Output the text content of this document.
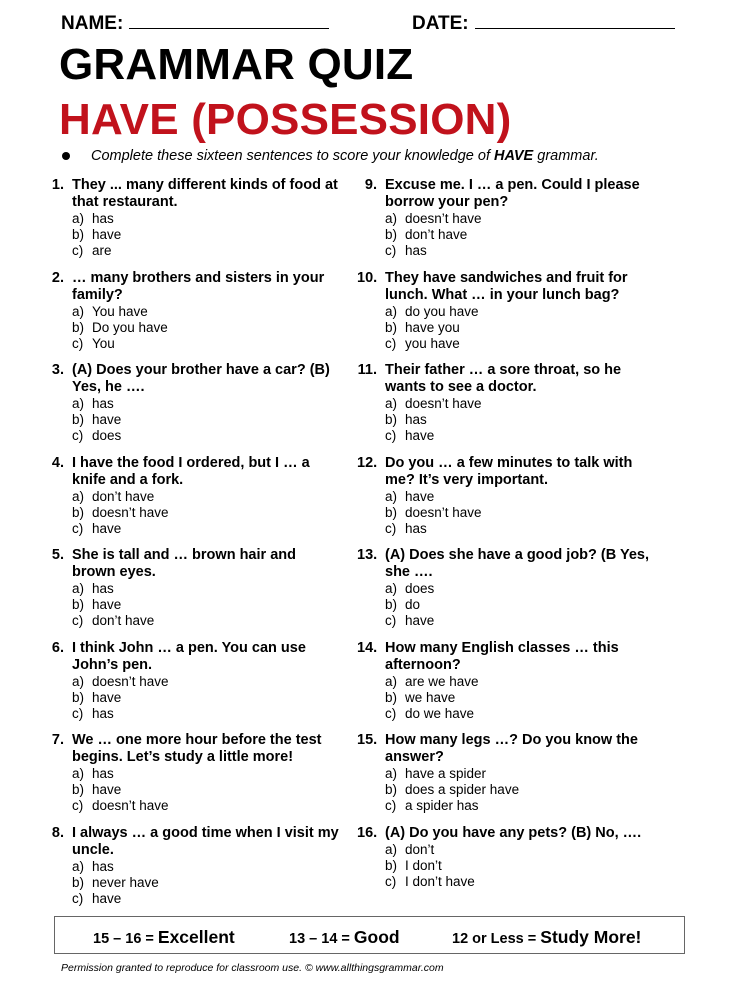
NAME:	DATE:
GRAMMAR QUIZ
HAVE (POSSESSION)
Complete these sixteen sentences to score your knowledge of HAVE grammar.
1. They ... many different kinds of food at that restaurant.
a) has
b) have
c) are
2. … many brothers and sisters in your family?
a) You have
b) Do you have
c) You
3. (A) Does your brother have a car? (B) Yes, he ….
a) has
b) have
c) does
4. I have the food I ordered, but I … a knife and a fork.
a) don’t have
b) doesn’t have
c) have
5. She is tall and … brown hair and brown eyes.
a) has
b) have
c) don’t have
6. I think John … a pen. You can use John’s pen.
a) doesn’t have
b) have
c) has
7. We … one more hour before the test begins. Let’s study a little more!
a) has
b) have
c) doesn’t have
8. I always … a good time when I visit my uncle.
a) has
b) never have
c) have
9. Excuse me. I … a pen. Could I please borrow your pen?
a) doesn’t have
b) don’t have
c) has
10. They have sandwiches and fruit for lunch. What … in your lunch bag?
a) do you have
b) have you
c) you have
11. Their father … a sore throat, so he wants to see a doctor.
a) doesn’t have
b) has
c) have
12. Do you … a few minutes to talk with me? It’s very important.
a) have
b) doesn’t have
c) has
13. (A) Does she have a good job? (B Yes, she ….
a) does
b) do
c) have
14. How many English classes … this afternoon?
a) are we have
b) we have
c) do we have
15. How many legs …? Do you know the answer?
a) have a spider
b) does a spider have
c) a spider has
16. (A) Do you have any pets? (B) No, ….
a) don’t
b) I don’t
c) I don’t have
15 – 16 = Excellent	13 – 14 = Good	12 or Less = Study More!
Permission granted to reproduce for classroom use. © www.allthingsgrammar.com
